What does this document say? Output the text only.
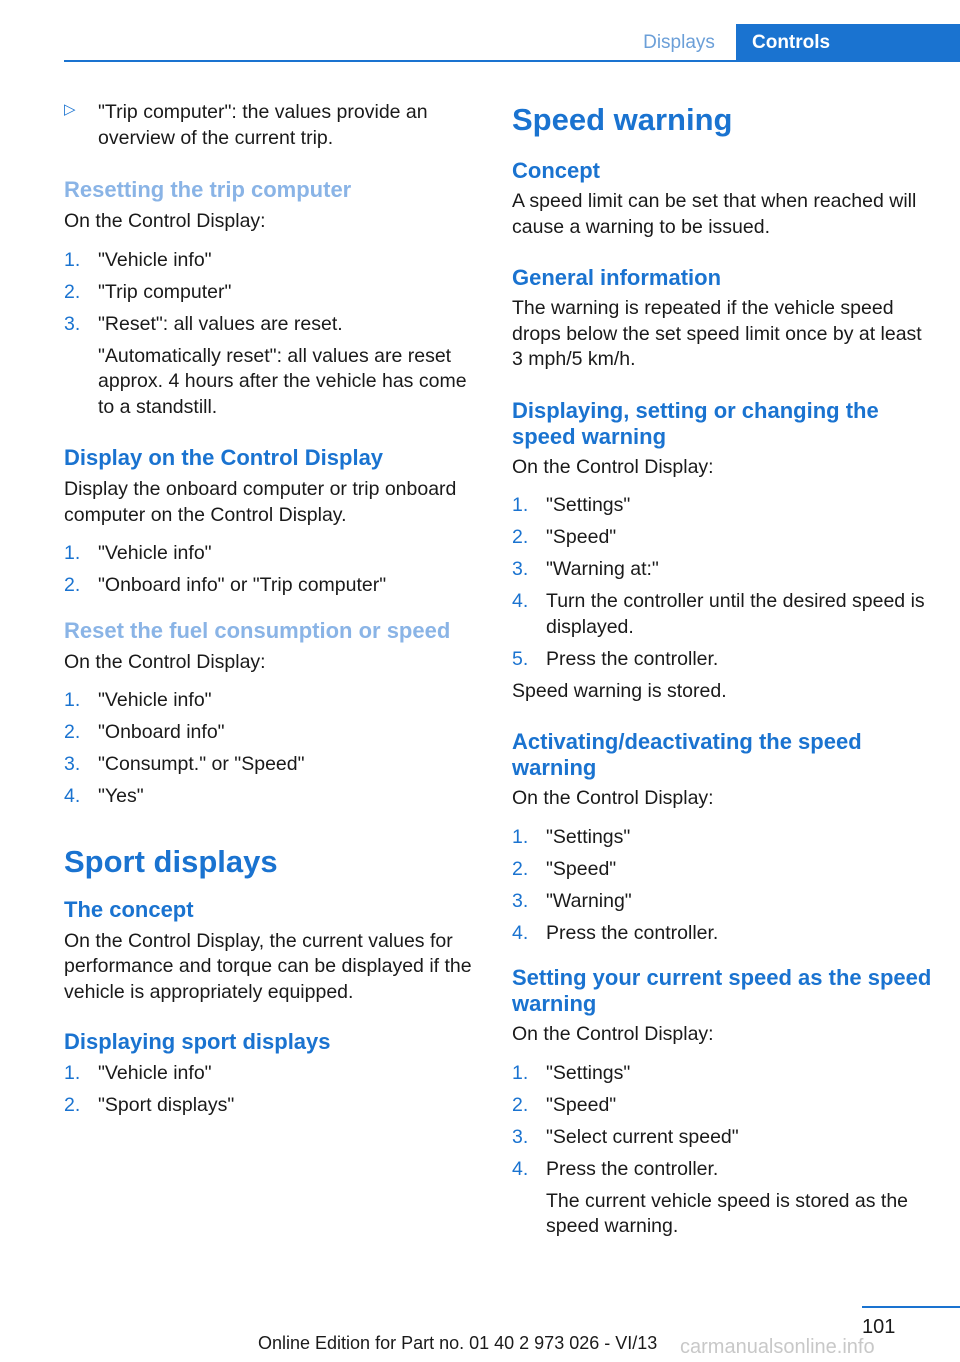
Displays	Controls
▷ "Trip computer": the values provide an overview of the current trip.

Resetting the trip computer

On the Control Display:

1. "Vehicle info"
2. "Trip computer"
3. "Reset": all values are reset.

"Automatically reset": all values are reset approx. 4 hours after the vehicle has come to a standstill.

Display on the Control Display

Display the onboard computer or trip onboard computer on the Control Display.

1. "Vehicle info"
2. "Onboard info" or "Trip computer"
Reset the fuel consumption or speed

On the Control Display:

1. "Vehicle info"
2. "Onboard info"
3. "Consumpt." or "Speed"
4. "Yes"
Sport displays
The concept

On the Control Display, the current values for performance and torque can be displayed if the vehicle is appropriately equipped.

Displaying sport displays
1. "Vehicle info"
2. "Sport displays"
Speed warning
Concept

A speed limit can be set that when reached will cause a warning to be issued.

General information

The warning is repeated if the vehicle speed drops below the set speed limit once by at least 3 mph/5 km/h.

Displaying, setting or changing the speed warning

On the Control Display:

1. "Settings"
2. "Speed"
3. "Warning at:"
4. Turn the controller until the desired speed is displayed.
5. Press the controller.

Speed warning is stored.

Activating/deactivating the speed warning

On the Control Display:

1. "Settings"
2. "Speed"
3. "Warning"
4. Press the controller.
Setting your current speed as the speed warning

On the Control Display:

1. "Settings"
2. "Speed"
3. "Select current speed"
4. Press the controller.

The current vehicle speed is stored as the speed warning.

101
Online Edition for Part no. 01 40 2 973 026 - VI/13 carmanualsonline.info
